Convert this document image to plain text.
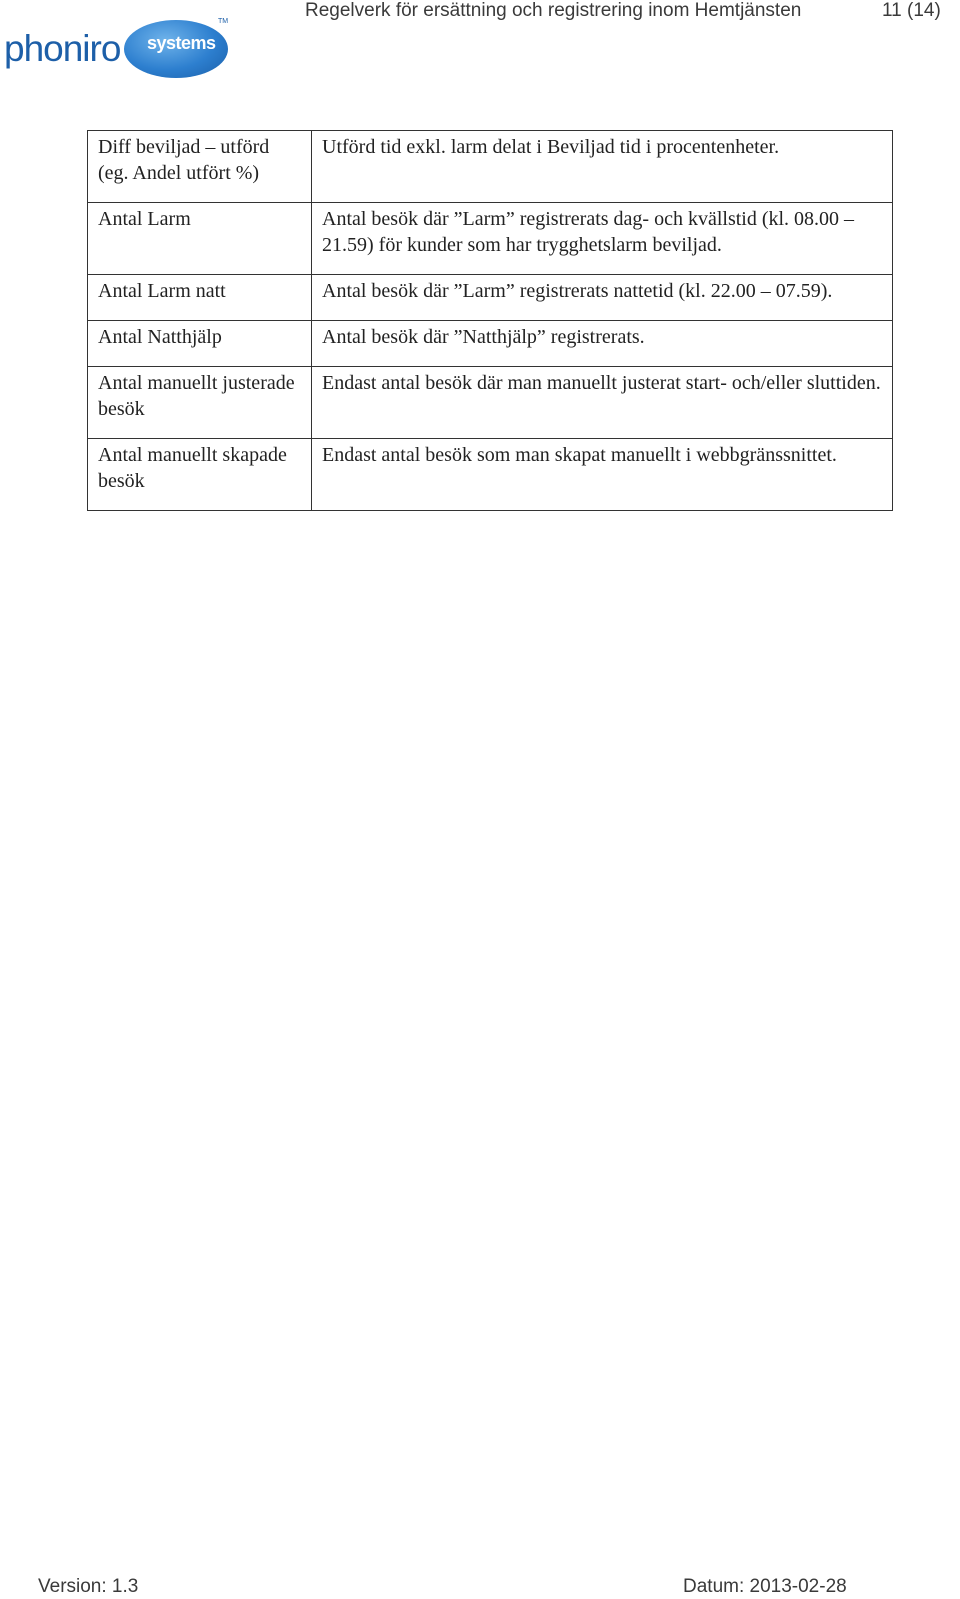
Regelverk för ersättning och registrering inom Hemtjänsten	11 (14)
phoniro systems
TM
Diff beviljad – utförd (eg. Andel utfört %)	Utförd tid exkl. larm delat i Beviljad tid i procentenheter.
Antal Larm	Antal besök där ”Larm” registrerats dag- och kvällstid (kl. 08.00 – 21.59) för kunder som har trygghetslarm beviljad.
Antal Larm natt	Antal besök där ”Larm” registrerats nattetid (kl. 22.00 – 07.59).
Antal Natthjälp	Antal besök där ”Natthjälp” registrerats.
Antal manuellt justerade besök	Endast antal besök där man manuellt justerat start- och/eller sluttiden.
Antal manuellt skapade besök	Endast antal besök som man skapat manuellt i webbgränssnittet.
Version: 1.3	Datum: 2013-02-28
